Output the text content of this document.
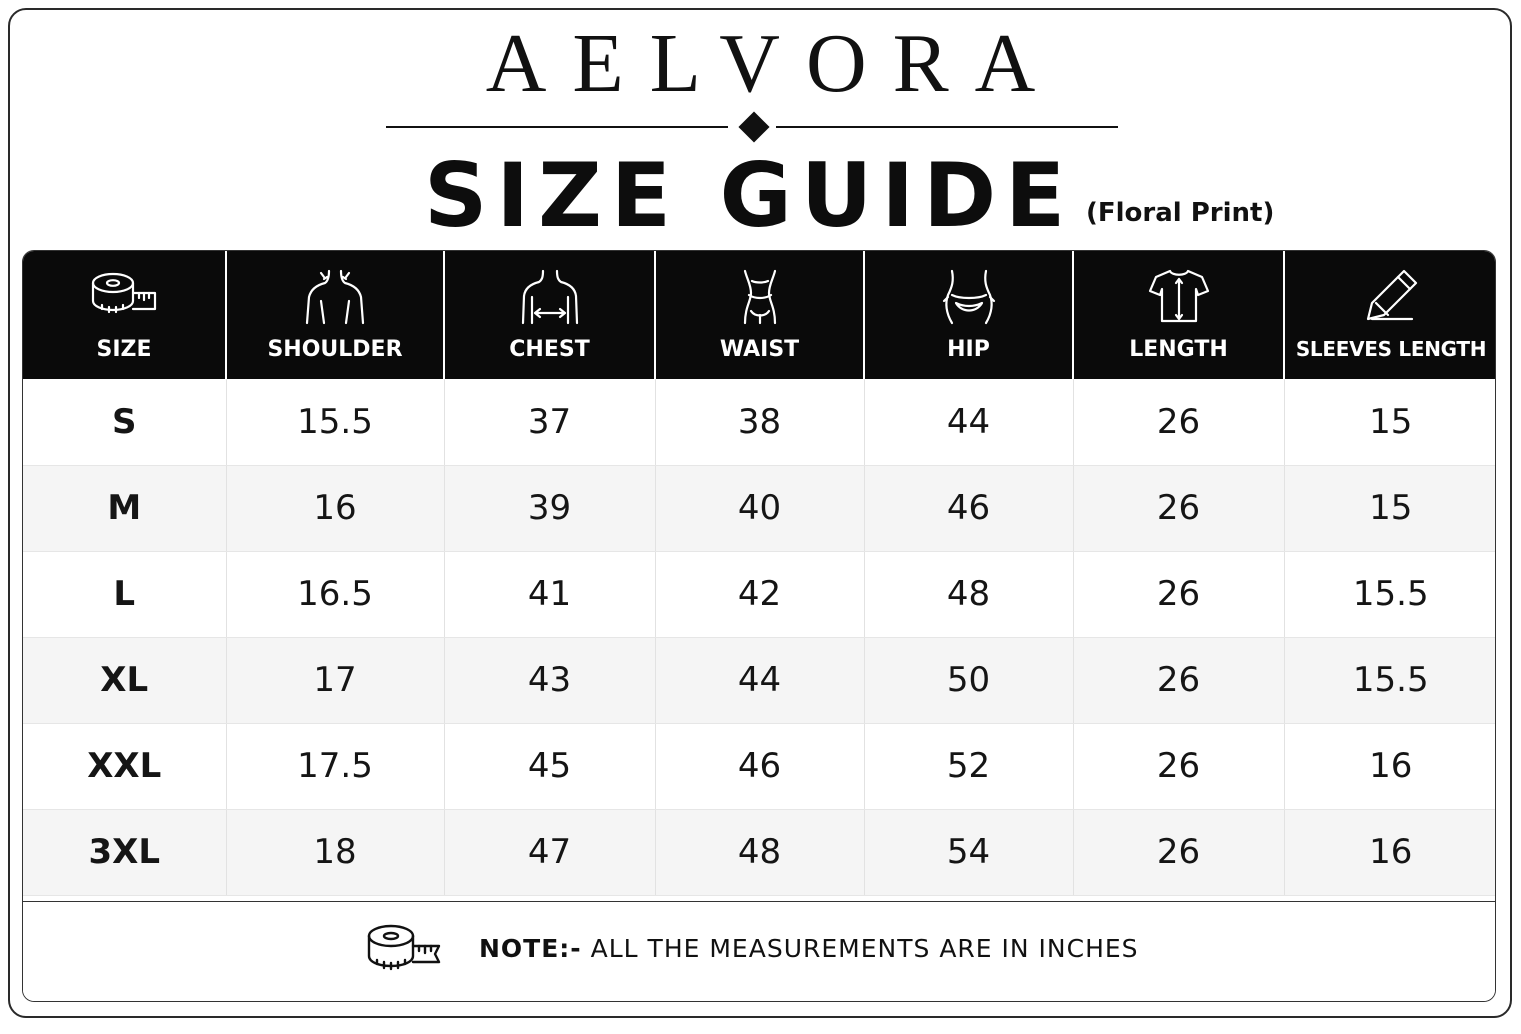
AELVORA
SIZE GUIDE (Floral Print)
SIZE	SHOULDER	CHEST	WAIST	HIP	LENGTH	SLEEVES LENGTH

S	15.5	37	38	44	26	15
M	16	39	40	46	26	15
L	16.5	41	42	48	26	15.5
XL	17	43	44	50	26	15.5
XXL	17.5	45	46	52	26	16
3XL	18	47	48	54	26	16
NOTE:- ALL THE MEASUREMENTS ARE IN INCHES
